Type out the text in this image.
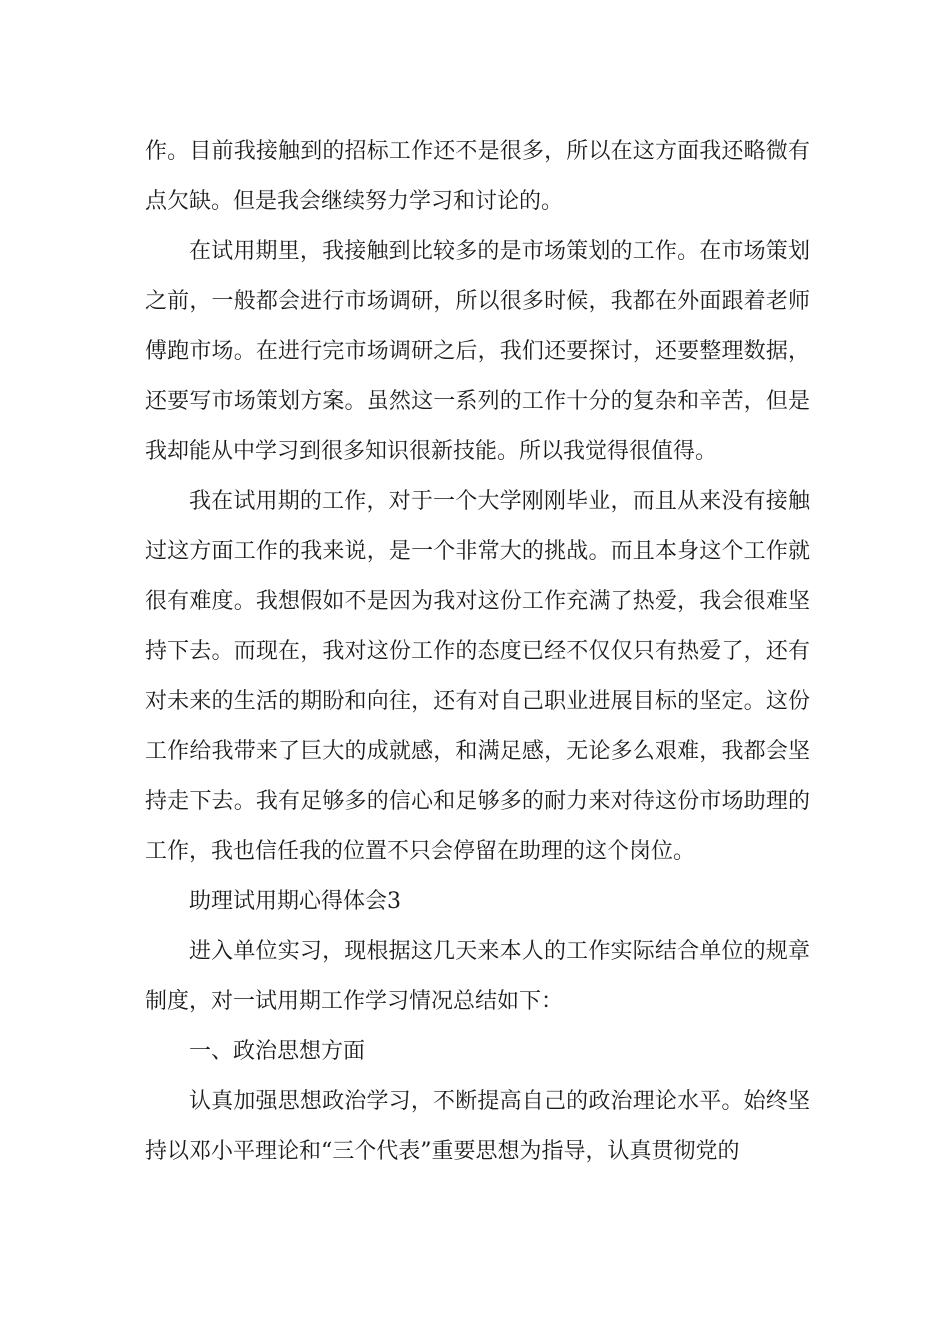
作。目前我接触到的招标工作还不是很多，所以在这方面我还略微有点欠缺。但是我会继续努力学习和讨论的。

在试用期里，我接触到比较多的是市场策划的工作。在市场策划之前，一般都会进行市场调研，所以很多时候，我都在外面跟着老师傅跑市场。在进行完市场调研之后，我们还要探讨，还要整理数据，还要写市场策划方案。虽然这一系列的工作十分的复杂和辛苦，但是我却能从中学习到很多知识很新技能。所以我觉得很值得。

我在试用期的工作，对于一个大学刚刚毕业，而且从来没有接触过这方面工作的我来说，是一个非常大的挑战。而且本身这个工作就很有难度。我想假如不是因为我对这份工作充满了热爱，我会很难坚持下去。而现在，我对这份工作的态度已经不仅仅只有热爱了，还有对未来的生活的期盼和向往，还有对自己职业进展目标的坚定。这份工作给我带来了巨大的成就感，和满足感，无论多么艰难，我都会坚持走下去。我有足够多的信心和足够多的耐力来对待这份市场助理的工作，我也信任我的位置不只会停留在助理的这个岗位。

助理试用期心得体会3

进入单位实习，现根据这几天来本人的工作实际结合单位的规章制度，对一试用期工作学习情况总结如下：

一、政治思想方面

认真加强思想政治学习，不断提高自己的政治理论水平。始终坚持以邓小平理论和“三个代表”重要思想为指导，认真贯彻党的
